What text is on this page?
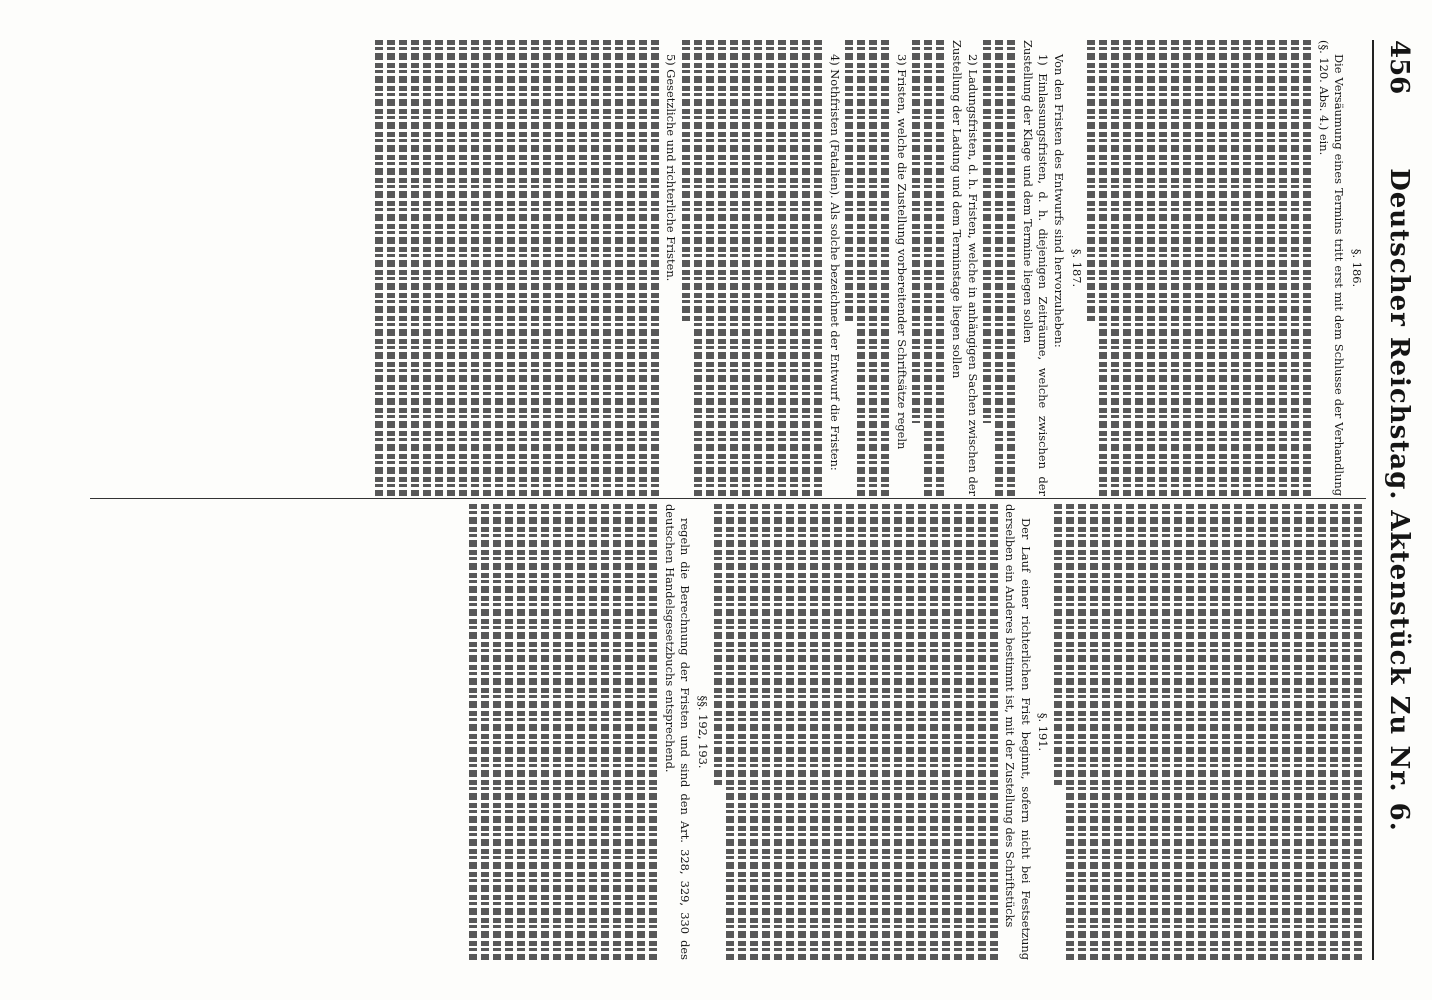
Deutscher Reichstag. Aktenstück Zu Nr. 6.
456

§. 186.

Die Versäumung eines Termins tritt erst mit dem Schlusse der Verhandlung (§. 120. Abs. 4.) ein.

§. 187.

Von den Fristen des Entwurfs sind hervorzuheben:

1) Einlassungsfristen, d. h. diejenigen Zeiträume, welche zwischen der Zustellung der Klage und dem Termine liegen sollen

2) Ladungsfristen, d. h. Fristen, welche in anhängigen Sachen zwischen der Zustellung der Ladung und dem Terminstage liegen sollen

3) Fristen, welche die Zustellung vorbereitender Schriftsätze regeln

4) Nothfristen (Fatalien). Als solche bezeichnet der Entwurf die Fristen:

5) Gesetzliche und richterliche Fristen.

§. 191.

Der Lauf einer richterlichen Frist beginnt, sofern nicht bei Festsetzung derselben ein Anderes bestimmt ist, mit der Zustellung des Schriftstücks

§§. 192, 193.

regeln die Berechnung der Fristen und sind den Art. 328, 329, 330 des deutschen Handelsgesetzbuchs entsprechend.
